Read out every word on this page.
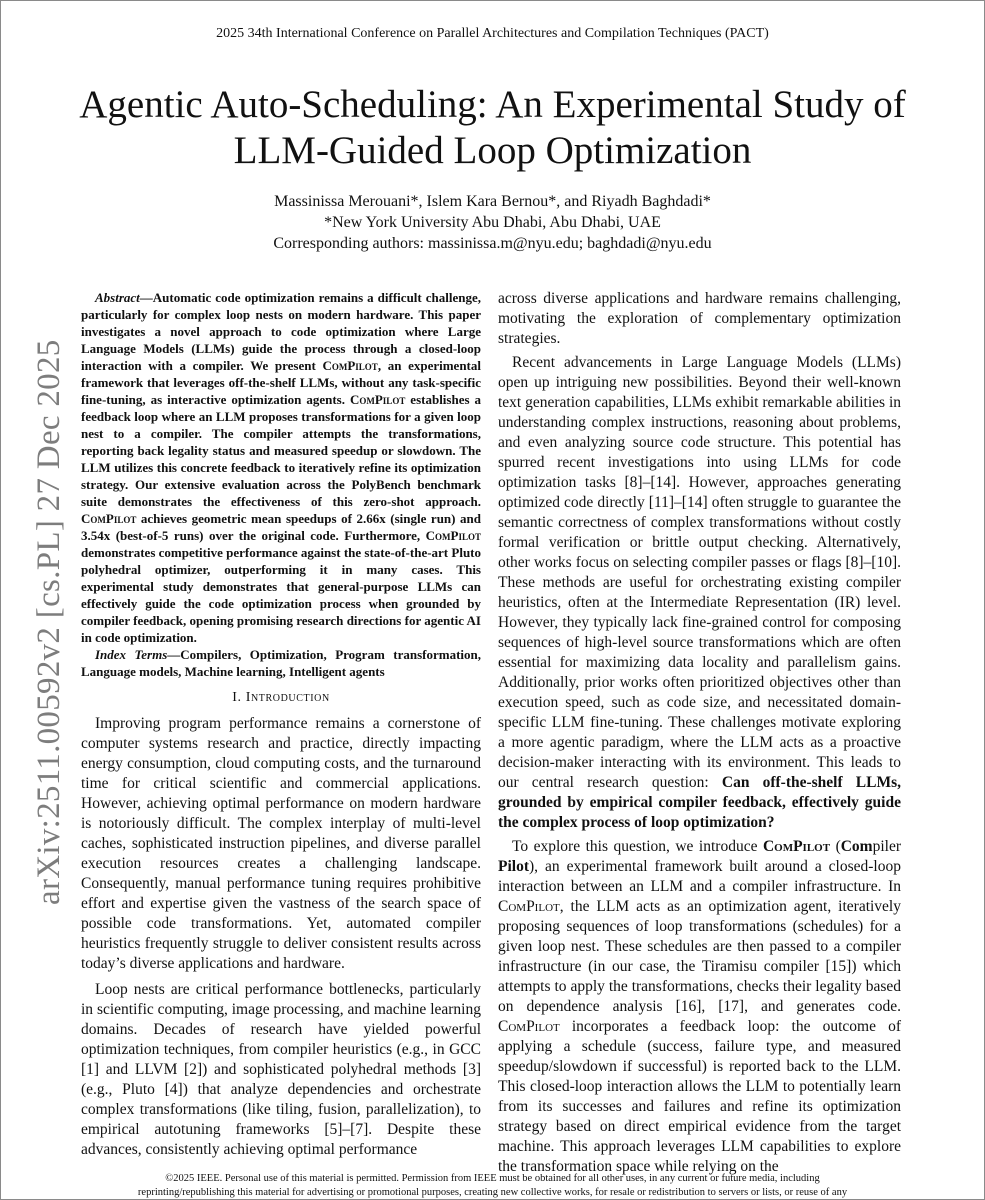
2025 34th International Conference on Parallel Architectures and Compilation Techniques (PACT)
Agentic Auto-Scheduling: An Experimental Study of LLM-Guided Loop Optimization
Massinissa Merouani*, Islem Kara Bernou*, and Riyadh Baghdadi*
*New York University Abu Dhabi, Abu Dhabi, UAE
Corresponding authors: massinissa.m@nyu.edu; baghdadi@nyu.edu
arXiv:2511.00592v2 [cs.PL] 27 Dec 2025

Abstract—Automatic code optimization remains a difficult challenge, particularly for complex loop nests on modern hardware. This paper investigates a novel approach to code optimization where Large Language Models (LLMs) guide the process through a closed-loop interaction with a compiler. We present ComPilot, an experimental framework that leverages off-the-shelf LLMs, without any task-specific fine-tuning, as interactive optimization agents. ComPilot establishes a feedback loop where an LLM proposes transformations for a given loop nest to a compiler. The compiler attempts the transformations, reporting back legality status and measured speedup or slowdown. The LLM utilizes this concrete feedback to iteratively refine its optimization strategy. Our extensive evaluation across the PolyBench benchmark suite demonstrates the effectiveness of this zero-shot approach. ComPilot achieves geometric mean speedups of 2.66x (single run) and 3.54x (best-of-5 runs) over the original code. Furthermore, ComPilot demonstrates competitive performance against the state-of-the-art Pluto polyhedral optimizer, outperforming it in many cases. This experimental study demonstrates that general-purpose LLMs can effectively guide the code optimization process when grounded by compiler feedback, opening promising research directions for agentic AI in code optimization.

Index Terms—Compilers, Optimization, Program transformation, Language models, Machine learning, Intelligent agents

I. Introduction

Improving program performance remains a cornerstone of computer systems research and practice, directly impacting energy consumption, cloud computing costs, and the turnaround time for critical scientific and commercial applications. However, achieving optimal performance on modern hardware is notoriously difficult. The complex interplay of multi-level caches, sophisticated instruction pipelines, and diverse parallel execution resources creates a challenging landscape. Consequently, manual performance tuning requires prohibitive effort and expertise given the vastness of the search space of possible code transformations. Yet, automated compiler heuristics frequently struggle to deliver consistent results across today’s diverse applications and hardware.

Loop nests are critical performance bottlenecks, particularly in scientific computing, image processing, and machine learning domains. Decades of research have yielded powerful optimization techniques, from compiler heuristics (e.g., in GCC [1] and LLVM [2]) and sophisticated polyhedral methods [3] (e.g., Pluto [4]) that analyze dependencies and orchestrate complex transformations (like tiling, fusion, parallelization), to empirical autotuning frameworks [5]–[7]. Despite these advances, consistently achieving optimal performance

across diverse applications and hardware remains challenging, motivating the exploration of complementary optimization strategies.

Recent advancements in Large Language Models (LLMs) open up intriguing new possibilities. Beyond their well-known text generation capabilities, LLMs exhibit remarkable abilities in understanding complex instructions, reasoning about problems, and even analyzing source code structure. This potential has spurred recent investigations into using LLMs for code optimization tasks [8]–[14]. However, approaches generating optimized code directly [11]–[14] often struggle to guarantee the semantic correctness of complex transformations without costly formal verification or brittle output checking. Alternatively, other works focus on selecting compiler passes or flags [8]–[10]. These methods are useful for orchestrating existing compiler heuristics, often at the Intermediate Representation (IR) level. However, they typically lack fine-grained control for composing sequences of high-level source transformations which are often essential for maximizing data locality and parallelism gains. Additionally, prior works often prioritized objectives other than execution speed, such as code size, and necessitated domain-specific LLM fine-tuning. These challenges motivate exploring a more agentic paradigm, where the LLM acts as a proactive decision-maker interacting with its environment. This leads to our central research question: Can off-the-shelf LLMs, grounded by empirical compiler feedback, effectively guide the complex process of loop optimization?

To explore this question, we introduce ComPilot (Compiler Pilot), an experimental framework built around a closed-loop interaction between an LLM and a compiler infrastructure. In ComPilot, the LLM acts as an optimization agent, iteratively proposing sequences of loop transformations (schedules) for a given loop nest. These schedules are then passed to a compiler infrastructure (in our case, the Tiramisu compiler [15]) which attempts to apply the transformations, checks their legality based on dependence analysis [16], [17], and generates code. ComPilot incorporates a feedback loop: the outcome of applying a schedule (success, failure type, and measured speedup/slowdown if successful) is reported back to the LLM. This closed-loop interaction allows the LLM to potentially learn from its successes and failures and refine its optimization strategy based on direct empirical evidence from the target machine. This approach leverages LLM capabilities to explore the transformation space while relying on the

©2025 IEEE. Personal use of this material is permitted. Permission from IEEE must be obtained for all other uses, in any current or future media, including
reprinting/republishing this material for advertising or promotional purposes, creating new collective works, for resale or redistribution to servers or lists, or reuse of any
